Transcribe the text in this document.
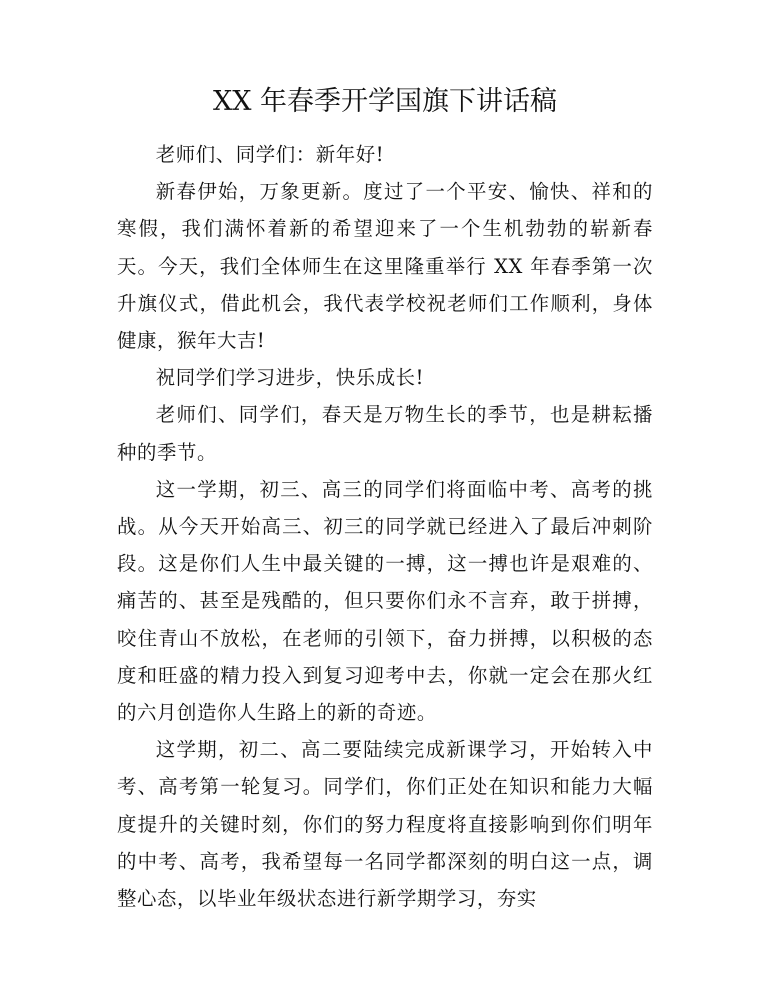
XX 年春季开学国旗下讲话稿

老师们、同学们：新年好!

新春伊始，万象更新。度过了一个平安、愉快、祥和的寒假，我们满怀着新的希望迎来了一个生机勃勃的崭新春天。今天，我们全体师生在这里隆重举行 XX 年春季第一次升旗仪式，借此机会，我代表学校祝老师们工作顺利，身体健康，猴年大吉!

祝同学们学习进步，快乐成长!

老师们、同学们，春天是万物生长的季节，也是耕耘播种的季节。

这一学期，初三、高三的同学们将面临中考、高考的挑战。从今天开始高三、初三的同学就已经进入了最后冲刺阶段。这是你们人生中最关键的一搏，这一搏也许是艰难的、痛苦的、甚至是残酷的，但只要你们永不言弃，敢于拼搏，咬住青山不放松，在老师的引领下，奋力拼搏，以积极的态度和旺盛的精力投入到复习迎考中去，你就一定会在那火红的六月创造你人生路上的新的奇迹。

这学期，初二、高二要陆续完成新课学习，开始转入中考、高考第一轮复习。同学们，你们正处在知识和能力大幅度提升的关键时刻，你们的努力程度将直接影响到你们明年的中考、高考，我希望每一名同学都深刻的明白这一点，调整心态，以毕业年级状态进行新学期学习，夯实
